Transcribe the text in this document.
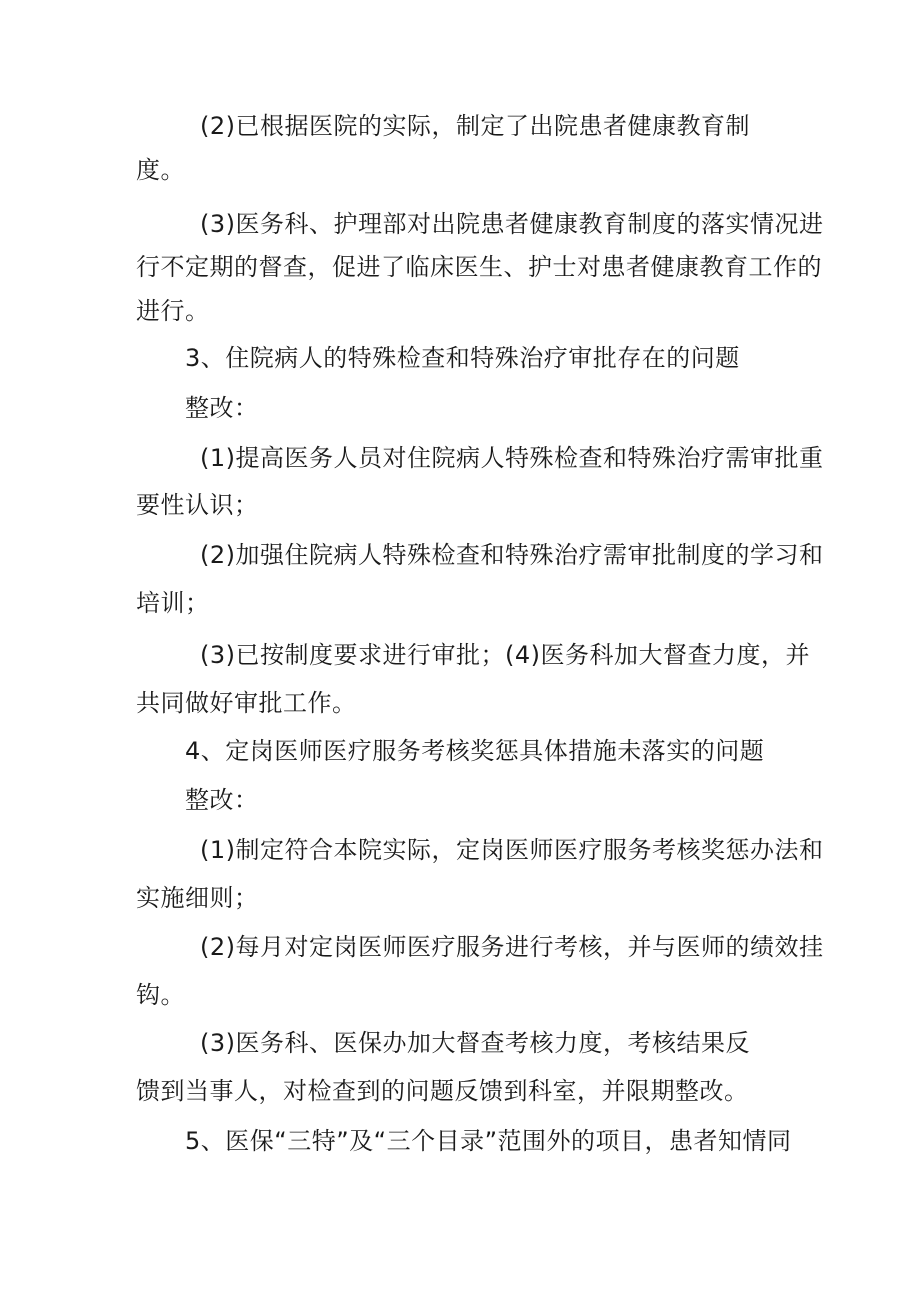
(2)已根据医院的实际，制定了出院患者健康教育制
度。
(3)医务科、护理部对出院患者健康教育制度的落实情况进
行不定期的督查，促进了临床医生、护士对患者健康教育工作的
进行。
3、住院病人的特殊检查和特殊治疗审批存在的问题
整改：
(1)提高医务人员对住院病人特殊检查和特殊治疗需审批重
要性认识；
(2)加强住院病人特殊检查和特殊治疗需审批制度的学习和
培训；
(3)已按制度要求进行审批；(4)医务科加大督查力度，并
共同做好审批工作。
4、定岗医师医疗服务考核奖惩具体措施未落实的问题
整改：
(1)制定符合本院实际，定岗医师医疗服务考核奖惩办法和
实施细则；
(2)每月对定岗医师医疗服务进行考核，并与医师的绩效挂
钩。
(3)医务科、医保办加大督查考核力度，考核结果反
馈到当事人，对检查到的问题反馈到科室，并限期整改。
5、医保“三特”及“三个目录”范围外的项目，患者知情同
